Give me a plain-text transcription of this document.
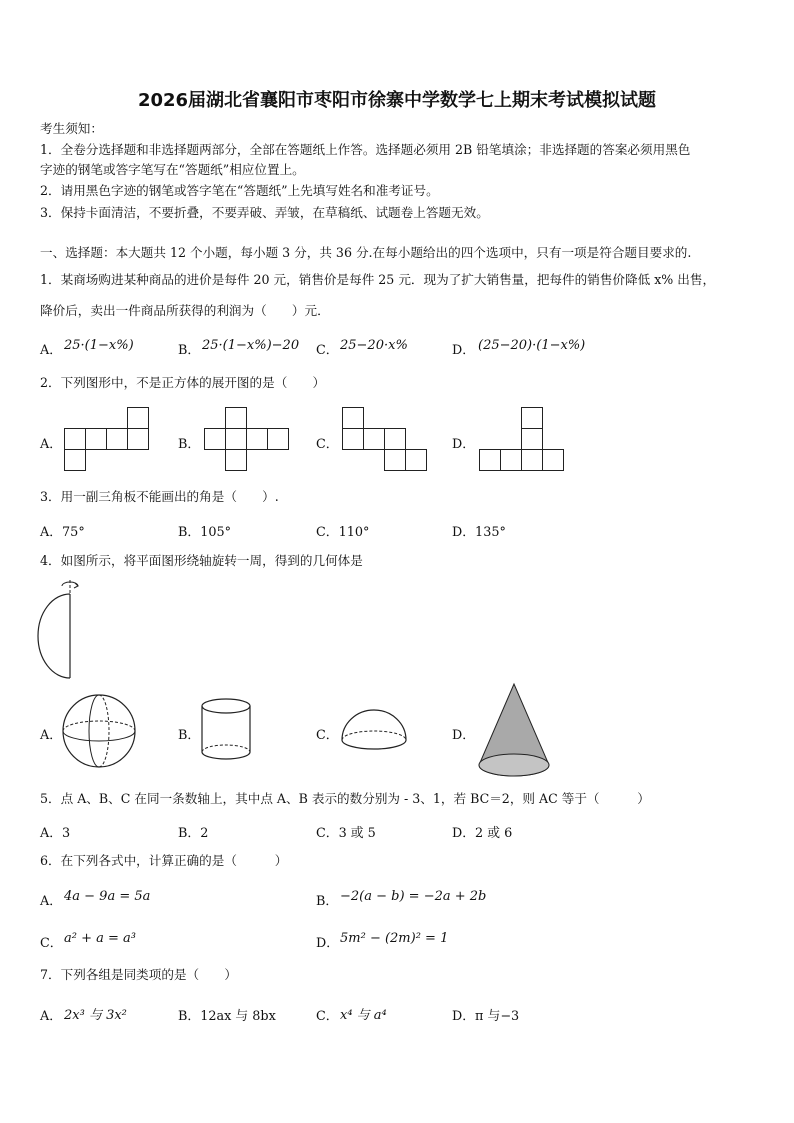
2026届湖北省襄阳市枣阳市徐寨中学数学七上期末考试模拟试题
考生须知：
1．全卷分选择题和非选择题两部分，全部在答题纸上作答。选择题必须用 2B 铅笔填涂；非选择题的答案必须用黑色
字迹的钢笔或答字笔写在“答题纸”相应位置上。
2．请用黑色字迹的钢笔或答字笔在“答题纸”上先填写姓名和准考证号。
3．保持卡面清洁，不要折叠，不要弄破、弄皱，在草稿纸、试题卷上答题无效。
一、选择题：本大题共 12 个小题，每小题 3 分，共 36 分.在每小题给出的四个选项中，只有一项是符合题目要求的.
1．某商场购进某种商品的进价是每件 20 元，销售价是每件 25 元．现为了扩大销售量，把每件的销售价降低 x% 出售，
降价后，卖出一件商品所获得的利润为（　　）元．
A． 25·(1−x%)	B． 25·(1−x%)−20 C． 25−20·x%	D． (25−20)·(1−x%)
2．下列图形中，不是正方体的展开图的是（　　）
A．	B．	C．	D．
3．用一副三角板不能画出的角是（　　）.
A．75°	B．105°	C．110°	D．135°
4．如图所示，将平面图形绕轴旋转一周，得到的几何体是
A．	B．	C．	D．
5．点 A、B、C 在同一条数轴上，其中点 A、B 表示的数分别为 - 3、1，若 BC＝2，则 AC 等于（　　　）
A．3	B．2	C．3 或 5	D．2 或 6
6．在下列各式中，计算正确的是（　　　）
A． 4a − 9a = 5a	B． −2(a − b) = −2a + 2b
C． a² + a = a³	D． 5m² − (2m)² = 1
7．下列各组是同类项的是（　　）
A． 2x³ 与 3x²	B．12ax 与 8bx	C． x⁴ 与 a⁴	D．π 与−3
